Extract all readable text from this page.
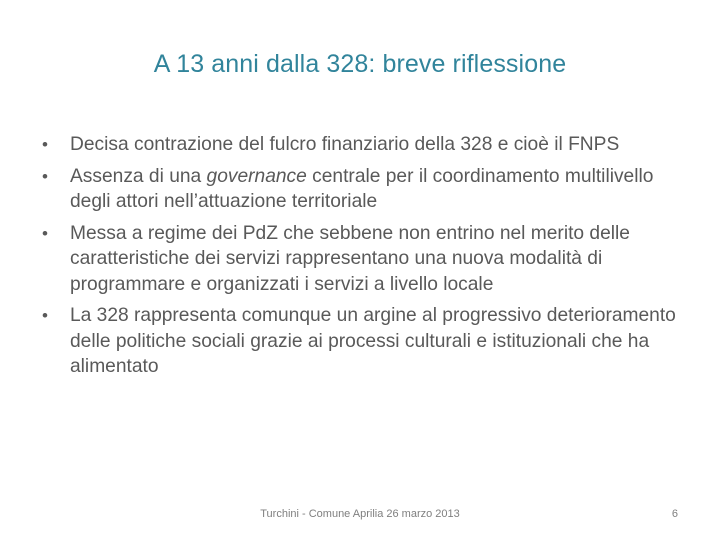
A 13 anni dalla 328: breve riflessione
• Decisa contrazione del fulcro finanziario della 328 e cioè il FNPS
• Assenza di una governance centrale per il coordinamento multilivello degli attori nell’attuazione territoriale
• Messa a regime dei PdZ che sebbene non entrino nel merito delle caratteristiche dei servizi rappresentano una nuova modalità di programmare e organizzati i servizi a livello locale
• La 328 rappresenta comunque un argine al progressivo deterioramento delle politiche sociali grazie ai processi culturali e istituzionali che ha alimentato
Turchini - Comune Aprilia 26 marzo 2013	6
